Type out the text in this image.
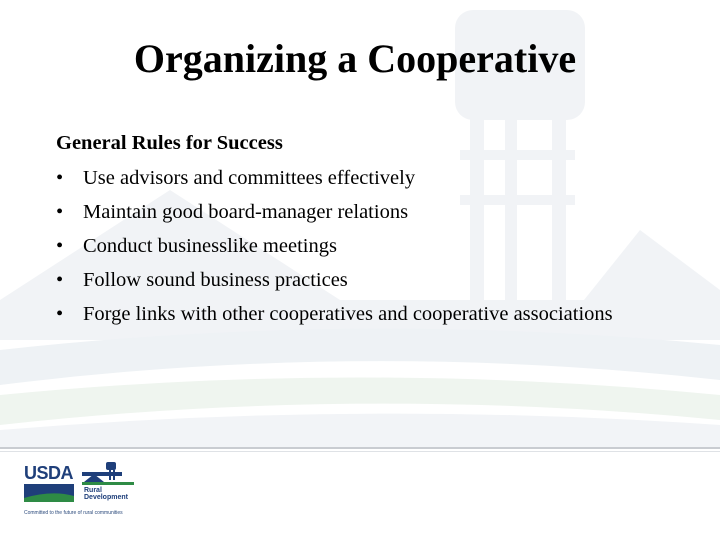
Organizing a Cooperative
General Rules for Success
• Use advisors and committees effectively
• Maintain good board-manager relations
• Conduct businesslike meetings
• Follow sound business practices
• Forge links with other cooperatives and cooperative associations
USDA
Rural
Development
Committed to the future of rural communities
